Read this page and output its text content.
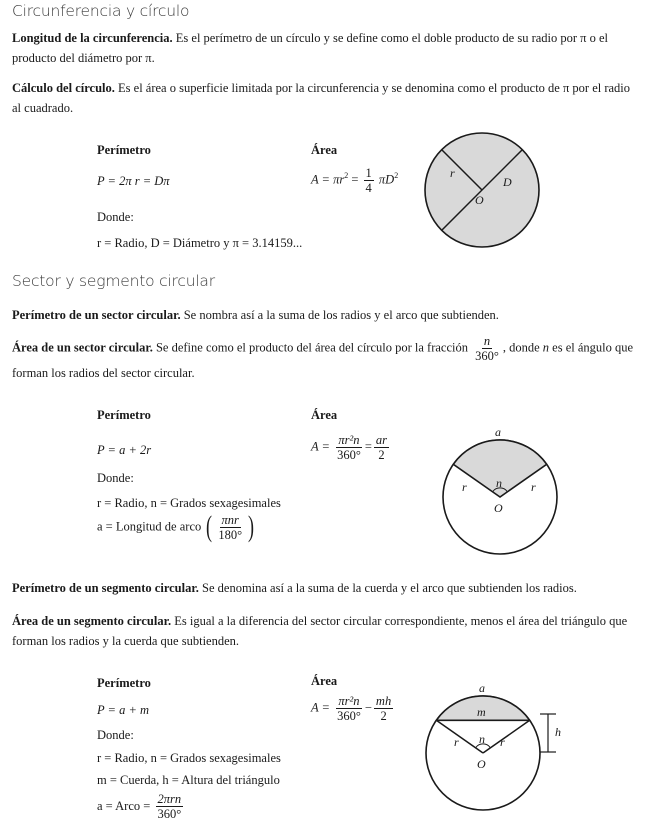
Circunferencia y círculo
Longitud de la circunferencia. Es el perímetro de un círculo y se define como el doble producto de su radio por π o el producto del diámetro por π.
Cálculo del círculo. Es el área o superficie limitada por la circunferencia y se denomina como el producto de π por el radio al cuadrado.
Perímetro	Área
P = 2π r = Dπ	$A = \pi r^2 = \frac{1}{4} \pi D^2$
Donde:
r = Radio, D = Diámetro y π = 3.14159...
r
D
O
Sector y segmento circular
Perímetro de un sector circular. Se nombra así a la suma de los radios y el arco que subtienden.
Área de un sector circular. Se define como el producto del área del círculo por la fracción $\frac{n}{360^\circ}$ , donde n es el ángulo que forman los radios del sector circular.
Perímetro	Área
P = a + 2r	$A = \frac{\text{πr²n}}{360^\circ} = \frac{ar}{2}$
Donde:
r = Radio, n = Grados sexagesimales
a = Longitud de arco ( $\frac{\text{πnr}}{180^\circ}$ )
a
r	r
n
O
Perímetro de un segmento circular. Se denomina así a la suma de la cuerda y el arco que subtienden los radios.
Área de un segmento circular. Es igual a la diferencia del sector circular correspondiente, menos el área del triángulo que forman los radios y la cuerda que subtienden.
Perímetro	Área
P = a + m	$A = \frac{\text{πr²n}}{360^\circ} - \frac{mh}{2}$
Donde:
r = Radio, n = Grados sexagesimales
m = Cuerda, h = Altura del triángulo
a = Arco = $\frac{\text{2πrn}}{360^\circ}$
a
m
r	r
n
O
h
